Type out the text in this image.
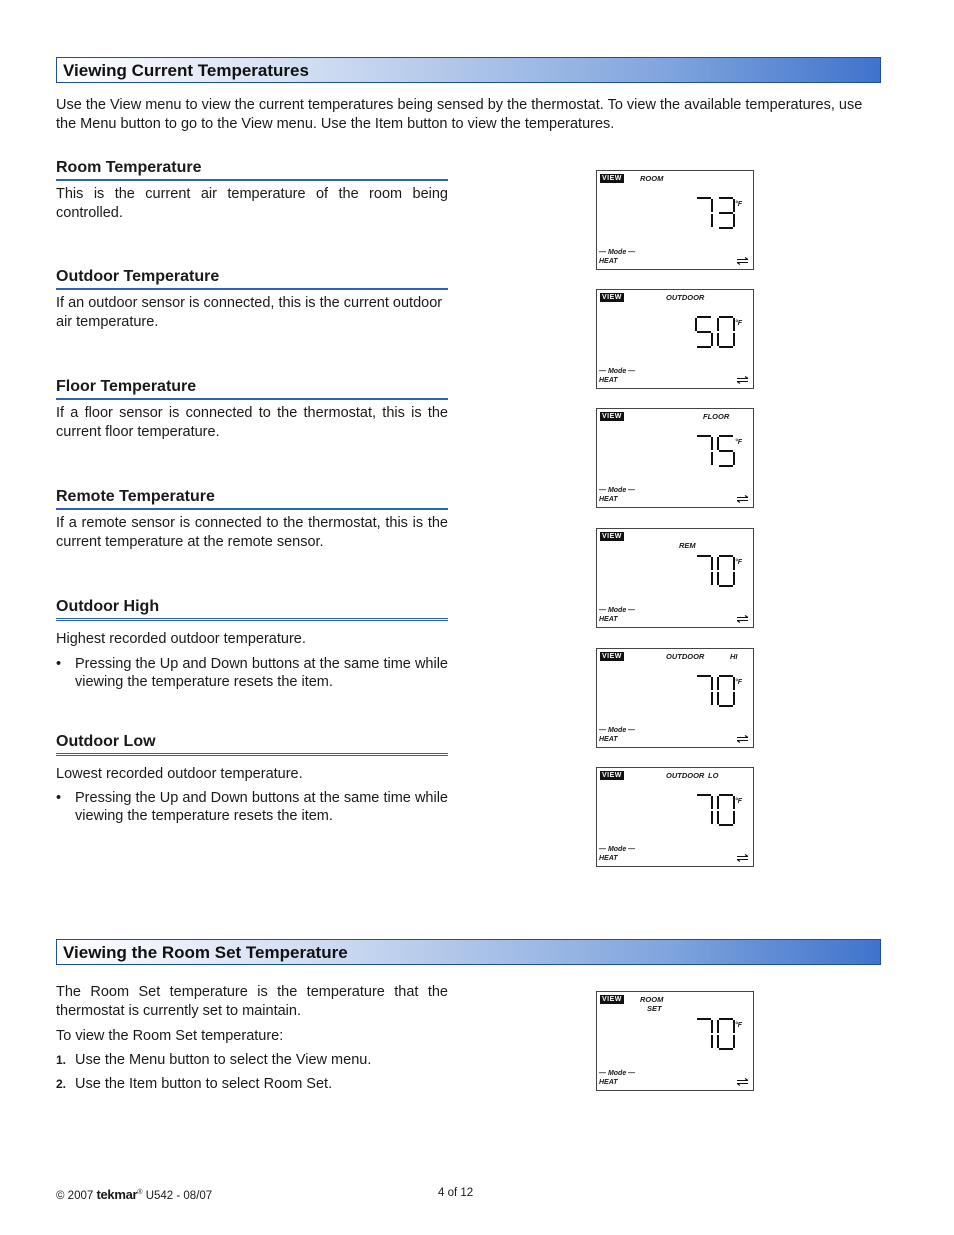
Viewing Current Temperatures

Use the View menu to view the current temperatures being sensed by the thermostat. To view the available temperatures, use the Menu button to go to the View menu. Use the Item button to view the temperatures.

Room Temperature

This is the current air temperature of the room being controlled.

Outdoor Temperature

If an outdoor sensor is connected, this is the current outdoor air temperature.

Floor Temperature

If a floor sensor is connected to the thermostat, this is the current floor temperature.

Remote Temperature

If a remote sensor is connected to the thermostat, this is the current temperature at the remote sensor.

Outdoor High

Highest recorded outdoor temperature.

• Pressing the Up and Down buttons at the same time while viewing the temperature resets the item.
Outdoor Low

Lowest recorded outdoor temperature.

• Pressing the Up and Down buttons at the same time while viewing the temperature resets the item.
Viewing the Room Set Temperature

The Room Set temperature is the temperature that the thermostat is currently set to maintain.

To view the Room Set temperature:

1. Use the Menu button to select the View menu.
2. Use the Item button to select Room Set.
VIEW ROOM
°F
— Mode —
HEAT
VIEW	OUTDOOR
°F
— Mode —
HEAT
VIEW	FLOOR
°F
— Mode —
HEAT
VIEW
REM
°F
— Mode —
HEAT
VIEW	OUTDOOR	HI
°F
— Mode —
HEAT
VIEW	OUTDOOR LO
°F
— Mode —
HEAT
VIEW ROOM
SET
°F
— Mode —
HEAT
© 2007 tekmar® U542 - 08/07	4 of 12
